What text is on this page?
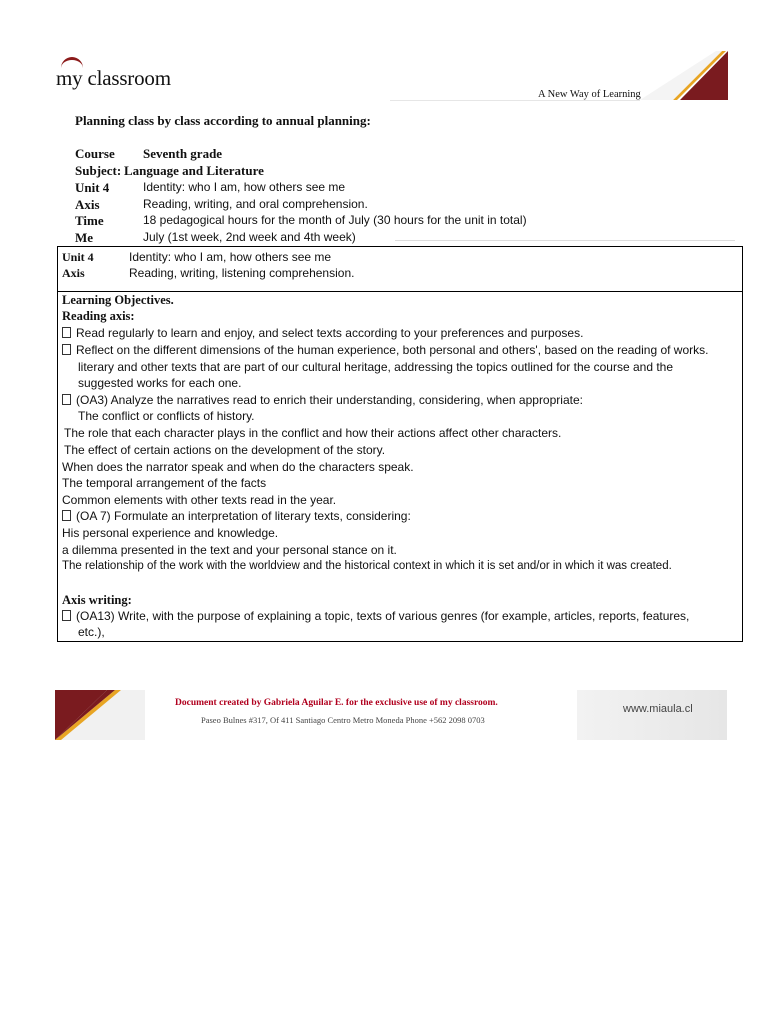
my classroom
A New Way of Learning
Planning class by class according to annual planning:
Course Seventh grade
Subject: Language and Literature
Unit 4	Identity: who I am, how others see me
Axis	Reading, writing, and oral comprehension.
Time	18 pedagogical hours for the month of July (30 hours for the unit in total)
Me	July (1st week, 2nd week and 4th week)
Unit 4	Identity: who I am, how others see me
Axis	Reading, writing, listening comprehension.
Learning Objectives.
Reading axis:
Read regularly to learn and enjoy, and select texts according to your preferences and purposes.
Reflect on the different dimensions of the human experience, both personal and others', based on the reading of works.
literary and other texts that are part of our cultural heritage, addressing the topics outlined for the course and the
suggested works for each one.
(OA3) Analyze the narratives read to enrich their understanding, considering, when appropriate:
The conflict or conflicts of history.
The role that each character plays in the conflict and how their actions affect other characters.
The effect of certain actions on the development of the story.
When does the narrator speak and when do the characters speak.
The temporal arrangement of the facts
Common elements with other texts read in the year.
(OA 7) Formulate an interpretation of literary texts, considering:
His personal experience and knowledge.
a dilemma presented in the text and your personal stance on it.
The relationship of the work with the worldview and the historical context in which it is set and/or in which it was created.
Axis writing:
(OA13) Write, with the purpose of explaining a topic, texts of various genres (for example, articles, reports, features,
etc.),
Document created by Gabriela Aguilar E. for the exclusive use of my classroom.
Paseo Bulnes #317, Of 411 Santiago Centro Metro Moneda Phone +562 2098 0703
www.miaula.cl
